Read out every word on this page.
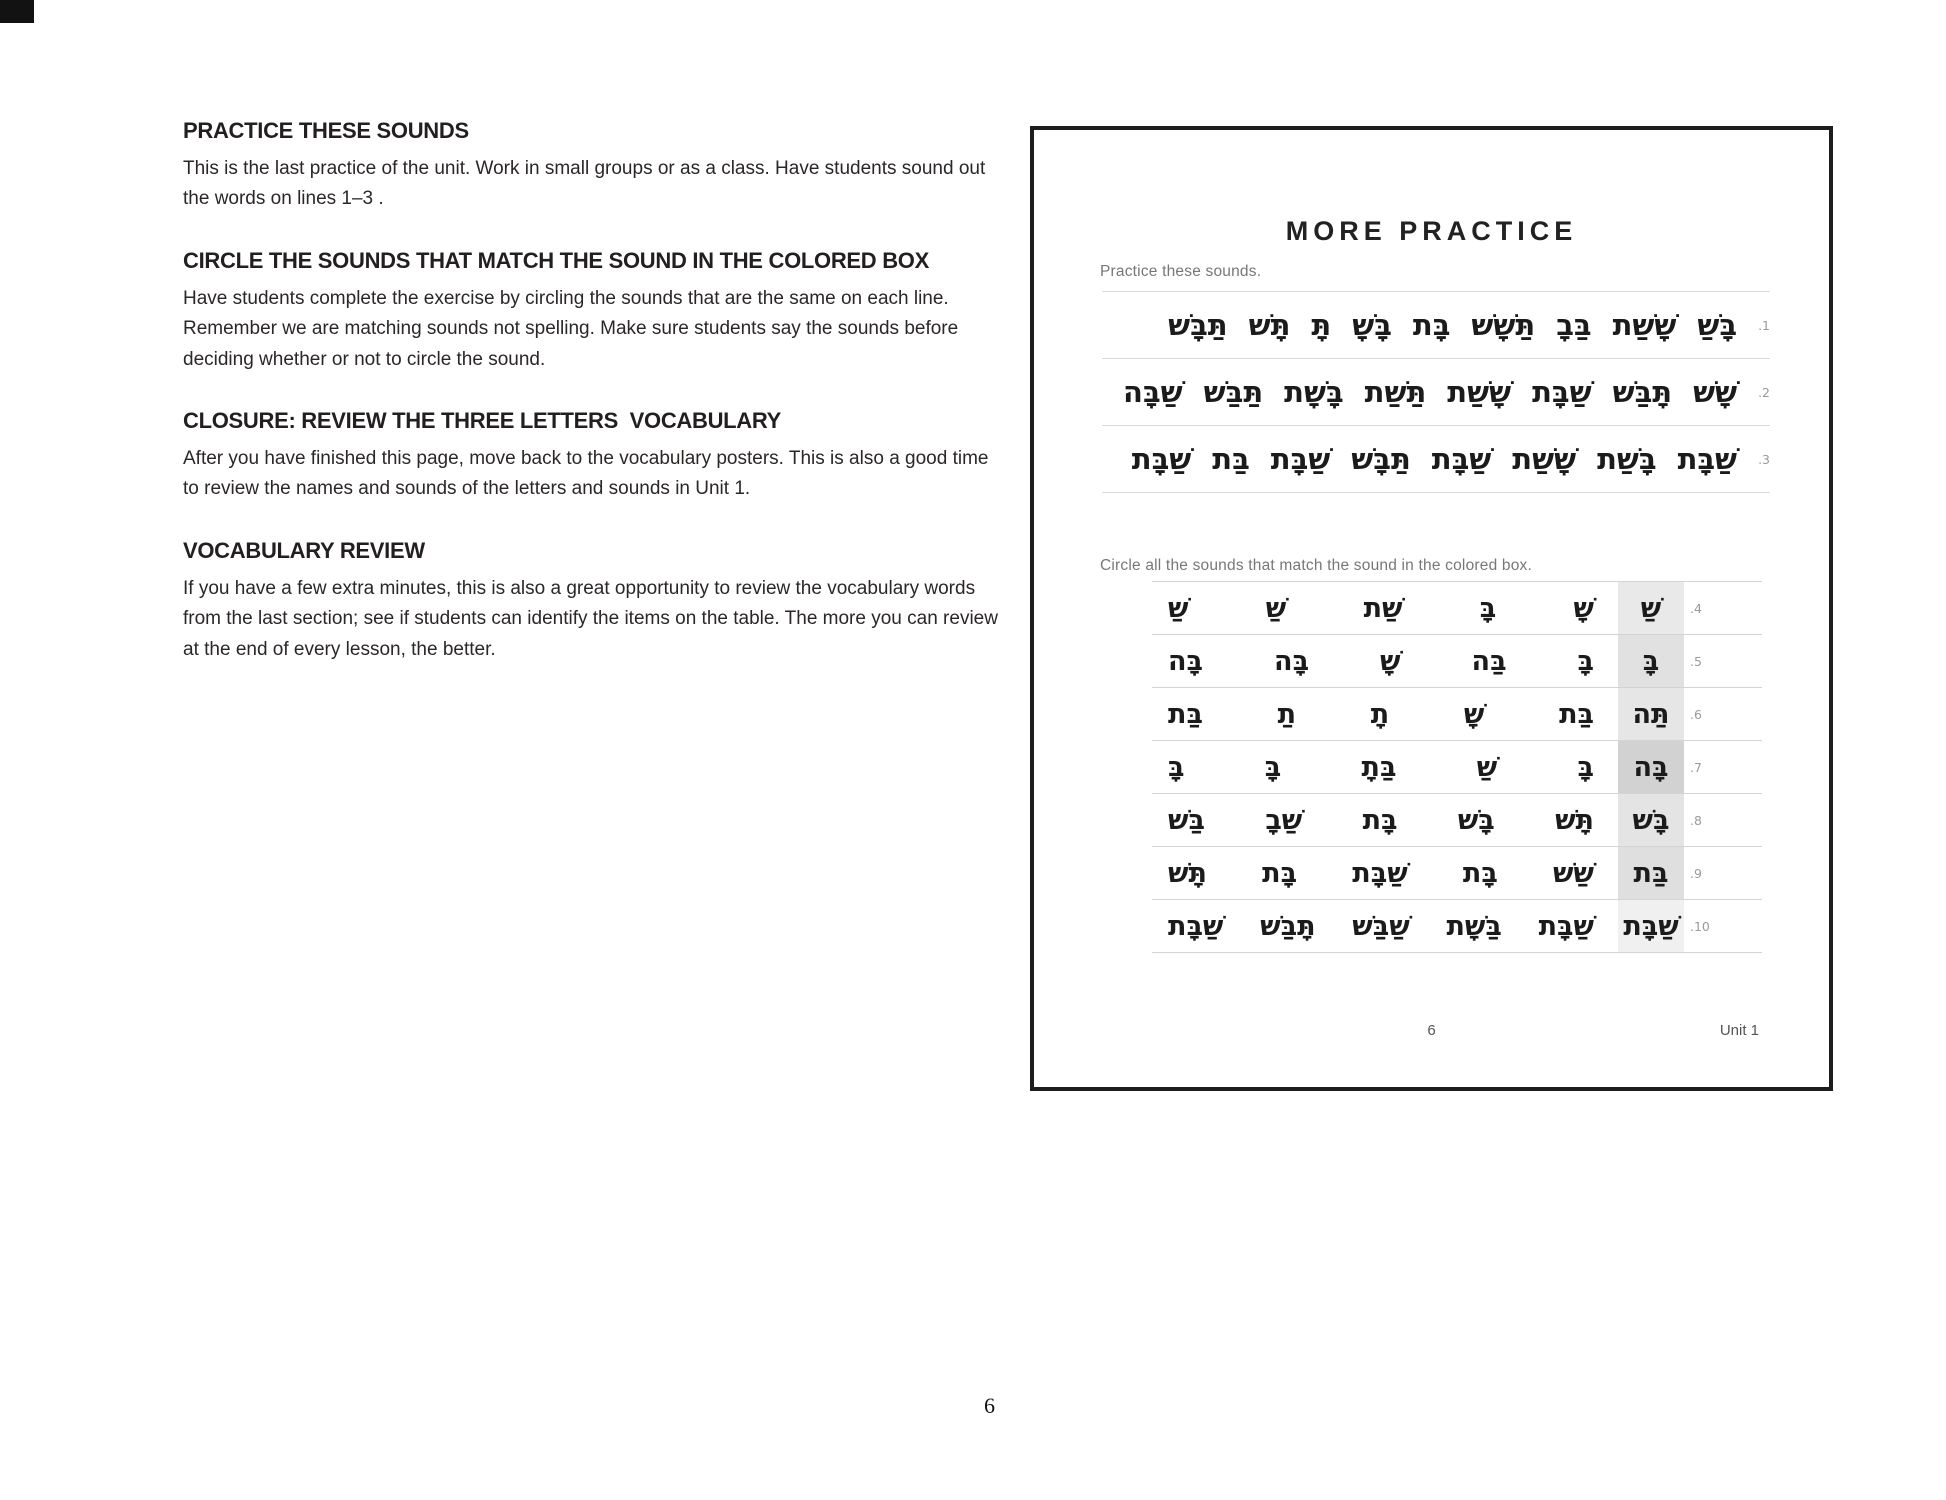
PRACTICE THESE SOUNDS

This is the last practice of the unit. Work in small groups or as a class. Have students sound out the words on lines 1–3 .

CIRCLE THE SOUNDS THAT MATCH THE SOUND IN THE COLORED BOX

Have students complete the exercise by circling the sounds that are the same on each line. Remember we are matching sounds not spelling. Make sure students say the sounds before deciding whether or not to circle the sound.

CLOSURE: REVIEW THE THREE LETTERS  VOCABULARY

After you have finished this page, move back to the vocabulary posters. This is also a good time to review the names and sounds of the letters and sounds in Unit 1.

VOCABULARY REVIEW

If you have a few extra minutes, this is also a great opportunity to review the vocabulary words from the last section; see if students can identify the items on the table. The more you can review at the end of every lesson, the better.

MORE PRACTICE
Practice these sounds.
.1
בָּשַׁ
שָׁשַׁת
בַּבָ
תַּשָׁשׁ
בָּת
בָּשָׁ
תָּ
תָּשׁ
תַּבָּשׁ
.2
שָׁשׁ
תָּבַּשׁ
שַׁבָּת
שָׁשַׁת
תַּשַׁת
בָּשָׁת
תַּבַּשׁ
שַׁבָּה
.3
שַׁבָּת
בָּשַׁת
שָׁשַׁת
שַׁבָּת
תַּבָּשׁ
שַׁבָּת
בַּת
שַׁבָּת
Circle all the sounds that match the sound in the colored box.
.4
שַׁ
שָׁ
בָּ
שַׁת
שַׁ
שַׁ
.5
בָּ
בָּ
בַּה
שָׁ
בָּה
בָּה
.6
תַּה
בַּת
שָׁ
תָ
תַ
בַּת
.7
בָּה
בָּ
שַׁ
בַּתָ
בָּ
בָּ
.8
בָּשׁ
תָּשׁ
בָּשׁ
בָּת
שַׁבָ
בַּשׁ
.9
בַּת
שַׁשׁ
בָּת
שַׁבָּת
בָּת
תָּשׁ
.10
שַׁבָּת
שַׁבָּת
בַּשָׁת
שַׁבַּשׁ
תָּבַּשׁ
שַׁבָּת
6	Unit 1
6
